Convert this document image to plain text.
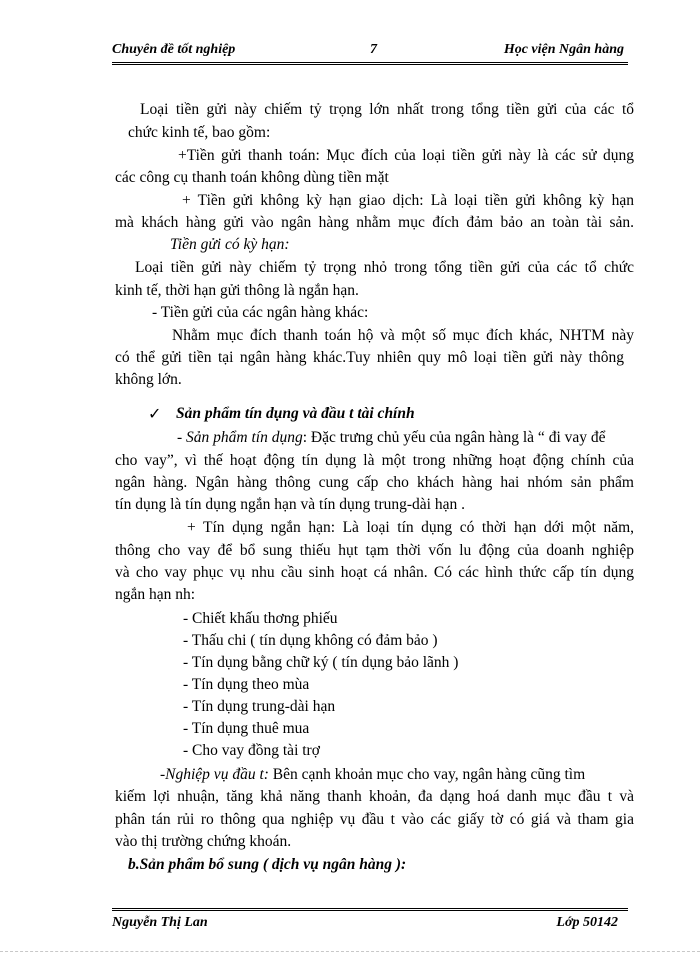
Chuyên đề tốt nghiệp	7	Học viện Ngân hàng
Loại tiền gửi này chiếm tỷ trọng lớn nhất trong tổng tiền gửi của các tổ
chức kinh tế, bao gồm:
+Tiền gửi thanh toán: Mục đích của loại tiền gửi này là các sử dụng
các công cụ thanh toán không dùng tiền mặt
+ Tiền gửi không kỳ hạn giao dịch: Là loại tiền gửi không kỳ hạn
mà khách hàng gửi vào ngân hàng nhằm mục đích đảm bảo an toàn tài sản.
Tiền gửi có kỳ hạn:
Loại tiền gửi này chiếm tỷ trọng nhỏ trong tổng tiền gửi của các tổ chức
kinh tế, thời hạn gửi thông là ngắn hạn.
- Tiền gửi của các ngân hàng khác:
Nhằm mục đích thanh toán hộ và một số mục đích khác, NHTM này
có thể gửi tiền tại ngân hàng khác.Tuy nhiên quy mô loại tiền gửi này thông
không lớn.
✓ Sản phẩm tín dụng và đầu t tài chính
- Sản phẩm tín dụng: Đặc trưng chủ yếu của ngân hàng là “ đi vay để
cho vay”, vì thế hoạt động tín dụng là một trong những hoạt động chính của
ngân hàng. Ngân hàng thông cung cấp cho khách hàng hai nhóm sản phẩm
tín dụng là tín dụng ngắn hạn và tín dụng trung-dài hạn .
+ Tín dụng ngắn hạn: Là loại tín dụng có thời hạn dới một năm,
thông cho vay để bổ sung thiếu hụt tạm thời vốn lu động của doanh nghiệp
và cho vay phục vụ nhu cầu sinh hoạt cá nhân. Có các hình thức cấp tín dụng
ngắn hạn nh:
- Chiết khấu thơng phiếu
- Thấu chi ( tín dụng không có đảm bảo )
- Tín dụng bằng chữ ký ( tín dụng bảo lãnh )
- Tín dụng theo mùa
- Tín dụng trung-dài hạn
- Tín dụng thuê mua
- Cho vay đồng tài trợ
-Nghiệp vụ đầu t: Bên cạnh khoản mục cho vay, ngân hàng cũng tìm
kiếm lợi nhuận, tăng khả năng thanh khoản, đa dạng hoá danh mục đầu t và
phân tán rủi ro thông qua nghiệp vụ đầu t vào các giấy tờ có giá và tham gia
vào thị trường chứng khoán.
b.Sản phẩm bổ sung ( dịch vụ ngân hàng ):
Nguyễn Thị Lan	Lớp 50142
